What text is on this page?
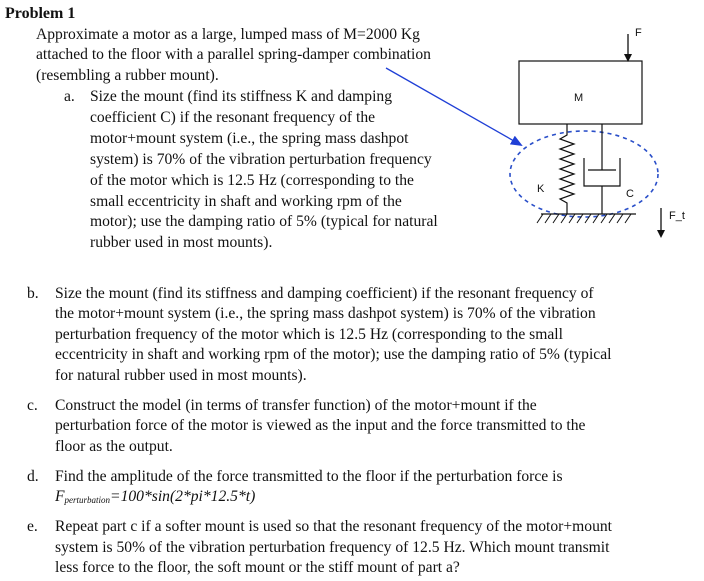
Problem 1
Approximate a motor as a large, lumped mass of M=2000 Kg
attached to the floor with a parallel spring-damper combination
(resembling a rubber mount).
a. Size the mount (find its stiffness K and damping
coefficient C) if the resonant frequency of the
motor+mount system (i.e., the spring mass dashpot
system) is 70% of the vibration perturbation frequency
of the motor which is 12.5 Hz (corresponding to the
small eccentricity in shaft and working rpm of the
motor); use the damping ratio of 5% (typical for natural
rubber used in most mounts).
b. Size the mount (find its stiffness and damping coefficient) if the resonant frequency of
the motor+mount system (i.e., the spring mass dashpot system) is 70% of the vibration
perturbation frequency of the motor which is 12.5 Hz (corresponding to the small
eccentricity in shaft and working rpm of the motor); use the damping ratio of 5% (typical
for natural rubber used in most mounts).
c. Construct the model (in terms of transfer function) of the motor+mount if the
perturbation force of the motor is viewed as the input and the force transmitted to the
floor as the output.
d. Find the amplitude of the force transmitted to the floor if the perturbation force is
$F_{perturbation}=100*\sin(2*pi*12.5*t)$
e. Repeat part c if a softer mount is used so that the resonant frequency of the motor+mount
system is 50% of the vibration perturbation frequency of 12.5 Hz. Which mount transmit
less force to the floor, the soft mount or the stiff mount of part a?
F
M
K	C
F_t
